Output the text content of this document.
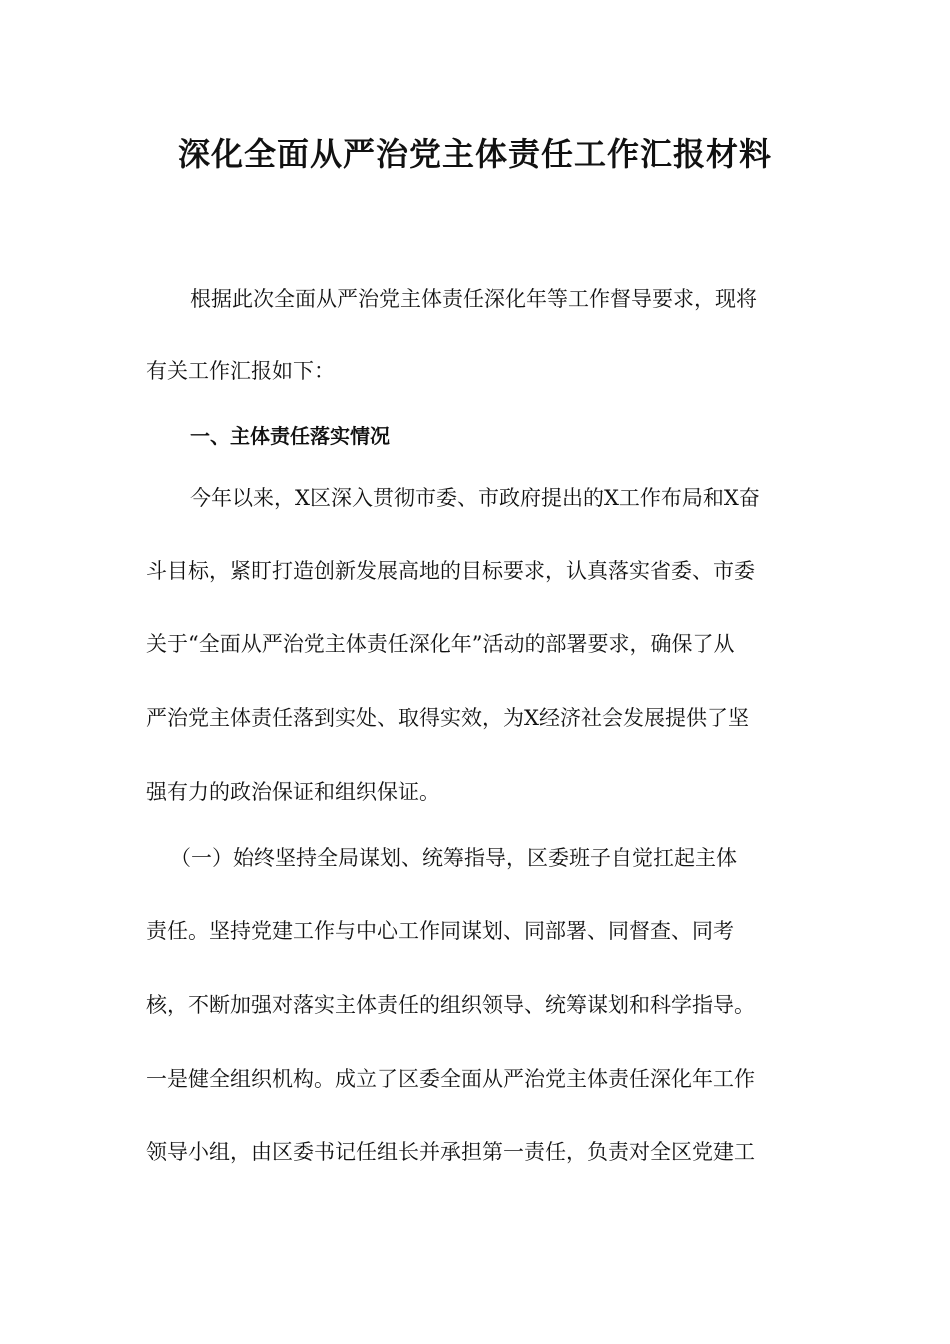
深化全面从严治党主体责任工作汇报材料
根据此次全面从严治党主体责任深化年等工作督导要求，现将
有关工作汇报如下：
一、主体责任落实情况
今年以来，X区深入贯彻市委、市政府提出的X工作布局和X奋
斗目标，紧盯打造创新发展高地的目标要求，认真落实省委、市委
关于“全面从严治党主体责任深化年”活动的部署要求，确保了从
严治党主体责任落到实处、取得实效，为X经济社会发展提供了坚
强有力的政治保证和组织保证。
（一）始终坚持全局谋划、统筹指导，区委班子自觉扛起主体
责任。坚持党建工作与中心工作同谋划、同部署、同督查、同考
核，不断加强对落实主体责任的组织领导、统筹谋划和科学指导。
一是健全组织机构。成立了区委全面从严治党主体责任深化年工作
领导小组，由区委书记任组长并承担第一责任，负责对全区党建工
